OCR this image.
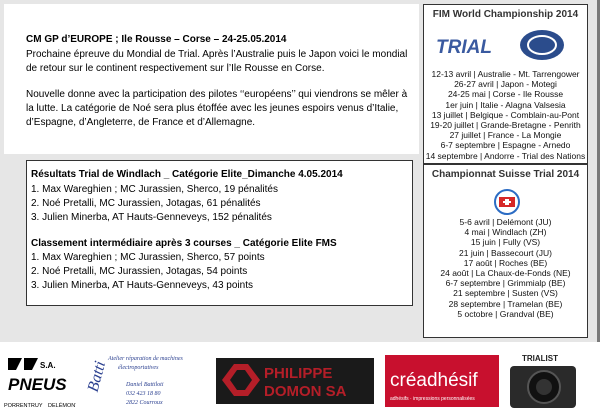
CM GP d’EUROPE ; Ile Rousse – Corse – 24-25.05.2014
Prochaine épreuve du Mondial de Trial. Après l’Australie puis le Japon voici le mondial de retour sur le continent respectivement sur l’Ile Rousse en Corse.
Nouvelle donne avec la participation des pilotes ‘‘européens’’ qui viendrons se mêler à la lutte. La catégorie de Noé sera plus étoffée avec les jeunes espoirs venus d’Italie, d’Espagne, d’Angleterre, de France et d’Allemagne.
Résultats Trial de Windlach _ Catégorie Elite_Dimanche 4.05.2014
1. Max Wareghien ; MC Jurassien, Sherco, 19 pénalités
2. Noé Pretalli, MC Jurassien, Jotagas, 61 pénalités
3. Julien Minerba, AT Hauts-Genneveys, 152 pénalités
Classement intermédiaire après 3 courses _ Catégorie Elite FMS
1. Max Wareghien ; MC Jurassien, Sherco, 57 points
2. Noé Pretalli, MC Jurassien, Jotagas, 54 points
3. Julien Minerba, AT Hauts-Genneveys, 43 points
FIM World Championship 2014
TRIAL
12-13 avril | Australie - Mt. Tarrengower
26-27 avril | Japon - Motegi
24-25 mai | Corse - Ile Rousse
1er juin | Italie - Alagna Valsesia
13 juillet | Belgique - Comblain-au-Pont
19-20 juillet | Grande-Bretagne - Penrith
27 juillet | France - La Mongie
6-7 septembre | Espagne - Arnedo
14 septembre | Andorre - Trial des Nations
Championnat Suisse Trial 2014
5-6 avril | Delémont (JU)
4 mai | Windlach (ZH)
15 juin | Fully (VS)
21 juin | Bassecourt (JU)
17 août | Roches (BE)
24 août | La Chaux-de-Fonds (NE)
6-7 septembre | Grimmialp (BE)
21 septembre | Susten (VS)
28 septembre | Tramelan (BE)
5 octobre | Grandval (BE)
S.A.
PNEUS
PORRENTRUY DELÉMONT
Batti
Atelier réparation de machines
électroportatives
Daniel Battiloti
032 423 18 80
2822 Courroux
PHILIPPE
DOMON SA
créadhésif
adhésifs · impressions personnalisées
TRIALIST
